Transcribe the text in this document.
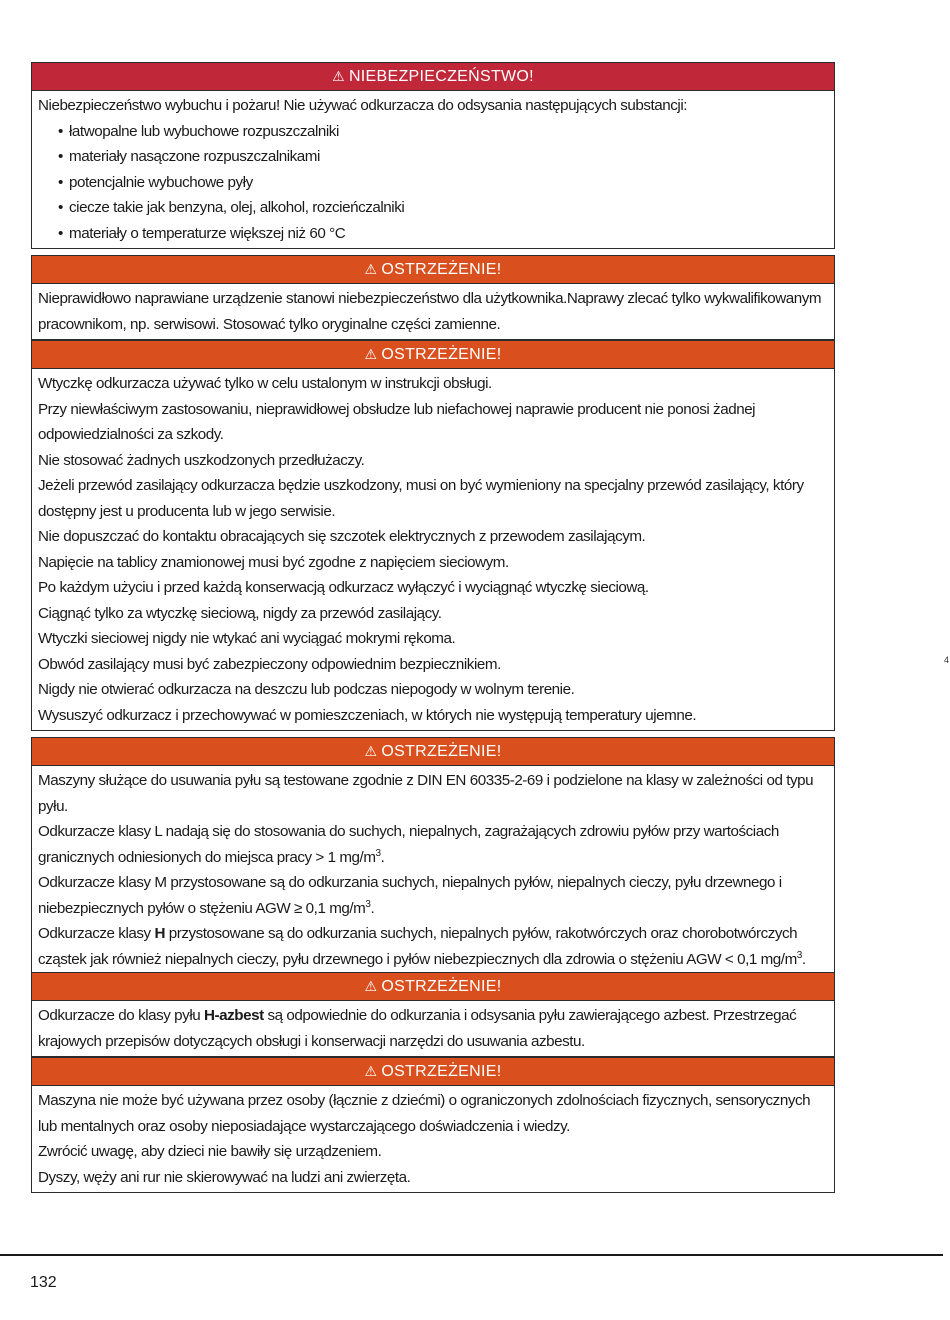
⚠ NIEBEZPIECZEŃSTWO!

Niebezpieczeństwo wybuchu i pożaru! Nie używać odkurzacza do odsysania następujących substancji:

• łatwopalne lub wybuchowe rozpuszczalniki
• materiały nasączone rozpuszczalnikami
• potencjalnie wybuchowe pyły
• ciecze takie jak benzyna, olej, alkohol, rozcieńczalniki
• materiały o temperaturze większej niż 60 °C
⚠ OSTRZEŻENIE!

Nieprawidłowo naprawiane urządzenie stanowi niebezpieczeństwo dla użytkownika.Naprawy zlecać tylko wykwalifikowanym pracownikom, np. serwisowi. Stosować tylko oryginalne części zamienne.

⚠ OSTRZEŻENIE!

Wtyczkę odkurzacza używać tylko w celu ustalonym w instrukcji obsługi.

Przy niewłaściwym zastosowaniu, nieprawidłowej obsłudze lub niefachowej naprawie producent nie ponosi żadnej odpowiedzialności za szkody.

Nie stosować żadnych uszkodzonych przedłużaczy.

Jeżeli przewód zasilający odkurzacza będzie uszkodzony, musi on być wymieniony na specjalny przewód zasilający, który dostępny jest u producenta lub w jego serwisie.

Nie dopuszczać do kontaktu obracających się szczotek elektrycznych z przewodem zasilającym.

Napięcie na tablicy znamionowej musi być zgodne z napięciem sieciowym.

Po każdym użyciu i przed każdą konserwacją odkurzacz wyłączyć i wyciągnąć wtyczkę sieciową.

Ciągnąć tylko za wtyczkę sieciową, nigdy za przewód zasilający.

Wtyczki sieciowej nigdy nie wtykać ani wyciągać mokrymi rękoma.

Obwód zasilający musi być zabezpieczony odpowiednim bezpiecznikiem.

Nigdy nie otwierać odkurzacza na deszczu lub podczas niepogody w wolnym terenie.

Wysuszyć odkurzacz i przechowywać w pomieszczeniach, w których nie występują temperatury ujemne.

⚠ OSTRZEŻENIE!

Maszyny służące do usuwania pyłu są testowane zgodnie z DIN EN 60335-2-69 i podzielone na klasy w zależności od typu pyłu.

Odkurzacze klasy L nadają się do stosowania do suchych, niepalnych, zagrażających zdrowiu pyłów przy wartościach granicznych odniesionych do miejsca pracy > 1 $mg/m^3$.

Odkurzacze klasy M przystosowane są do odkurzania suchych, niepalnych pyłów, niepalnych cieczy, pyłu drzewnego i niebezpiecznych pyłów o stężeniu AGW ≥ 0,1 $mg/m^3$.

Odkurzacze klasy H przystosowane są do odkurzania suchych, niepalnych pyłów, rakotwórczych oraz chorobotwórczych cząstek jak również niepalnych cieczy, pyłu drzewnego i pyłów niebezpiecznych dla zdrowia o stężeniu AGW < 0,1 $mg/m^3$.

⚠ OSTRZEŻENIE!

Odkurzacze do klasy pyłu H-azbest są odpowiednie do odkurzania i odsysania pyłu zawierającego azbest. Przestrzegać krajowych przepisów dotyczących obsługi i konserwacji narzędzi do usuwania azbestu.

⚠ OSTRZEŻENIE!

Maszyna nie może być używana przez osoby (łącznie z dziećmi) o ograniczonych zdolnościach fizycznych, sensorycznych lub mentalnych oraz osoby nieposiadające wystarczającego doświadczenia i wiedzy.

Zwrócić uwagę, aby dzieci nie bawiły się urządzeniem.

Dyszy, węży ani rur nie skierowywać na ludzi ani zwierzęta.

4
132
